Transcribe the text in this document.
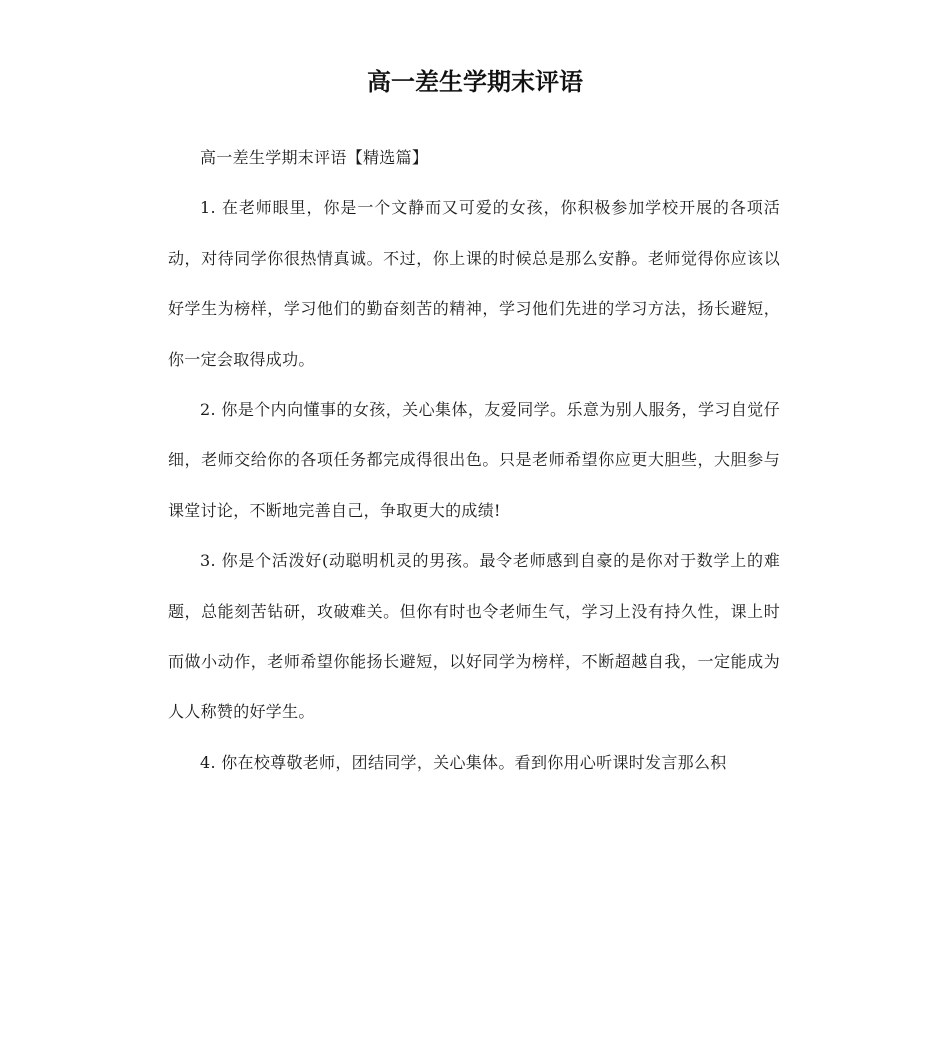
高一差生学期末评语

高一差生学期末评语【精选篇】

1. 在老师眼里，你是一个文静而又可爱的女孩，你积极参加学校开展的各项活动，对待同学你很热情真诚。不过，你上课的时候总是那么安静。老师觉得你应该以好学生为榜样，学习他们的勤奋刻苦的精神，学习他们先进的学习方法，扬长避短，你一定会取得成功。

2. 你是个内向懂事的女孩，关心集体，友爱同学。乐意为别人服务，学习自觉仔细，老师交给你的各项任务都完成得很出色。只是老师希望你应更大胆些，大胆参与课堂讨论，不断地完善自己，争取更大的成绩!

3. 你是个活泼好(动聪明机灵的男孩。最令老师感到自豪的是你对于数学上的难题，总能刻苦钻研，攻破难关。但你有时也令老师生气，学习上没有持久性，课上时而做小动作，老师希望你能扬长避短，以好同学为榜样，不断超越自我，一定能成为人人称赞的好学生。

4. 你在校尊敬老师，团结同学，关心集体。看到你用心听课时发言那么积
